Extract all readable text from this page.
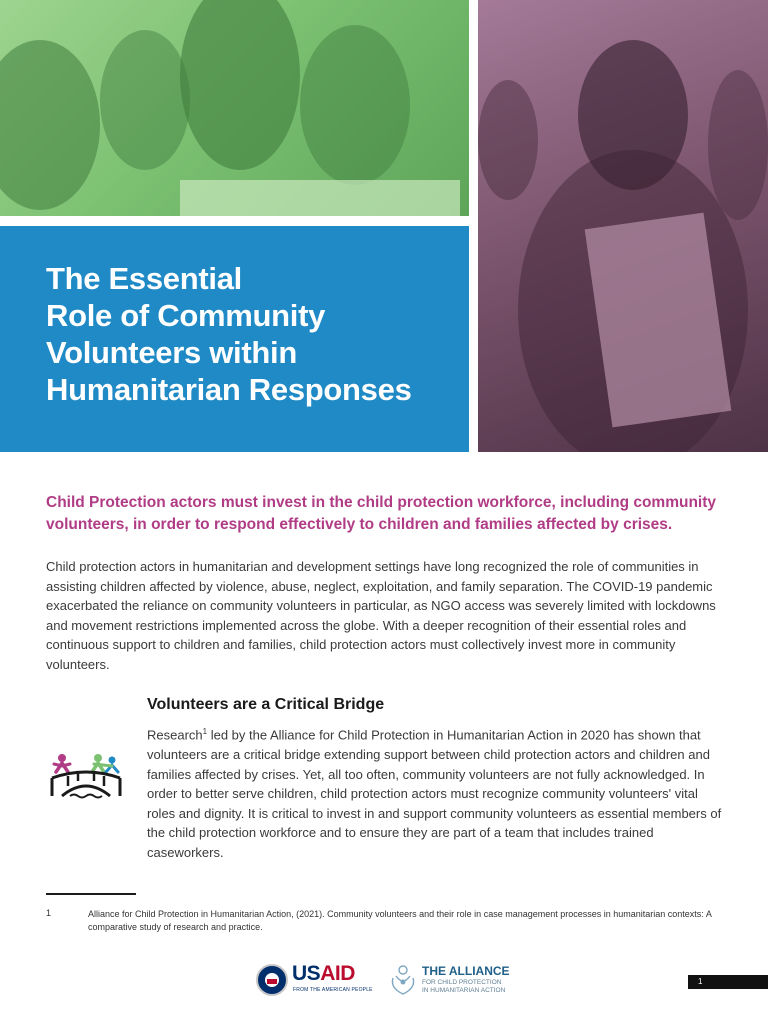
The Essential
Role of Community
Volunteers within
Humanitarian Responses

Child Protection actors must invest in the child protection workforce, including community volunteers, in order to respond effectively to children and families affected by crises.

Child protection actors in humanitarian and development settings have long recognized the role of communities in assisting children affected by violence, abuse, neglect, exploitation, and family separation. The COVID-19 pandemic exacerbated the reliance on community volunteers in particular, as NGO access was severely limited with lockdowns and movement restrictions implemented across the globe. With a deeper recognition of their essential roles and continuous support to children and families, child protection actors must collectively invest more in community volunteers.

Volunteers are a Critical Bridge

Research$^1$ led by the Alliance for Child Protection in Humanitarian Action in 2020 has shown that volunteers are a critical bridge extending support between child protection actors and children and families affected by crises. Yet, all too often, community volunteers are not fully acknowledged. In order to better serve children, child protection actors must recognize community volunteers' vital roles and dignity. It is critical to invest in and support community volunteers as essential members of the child protection workforce and to ensure they are part of a team that includes trained caseworkers.

1	Alliance for Child Protection in Humanitarian Action, (2021). Community volunteers and their role in case management processes in humanitarian contexts: A comparative study of research and practice.

USAID
FROM THE AMERICAN PEOPLE
THE ALLIANCE
FOR CHILD PROTECTION
IN HUMANITARIAN ACTION
1
